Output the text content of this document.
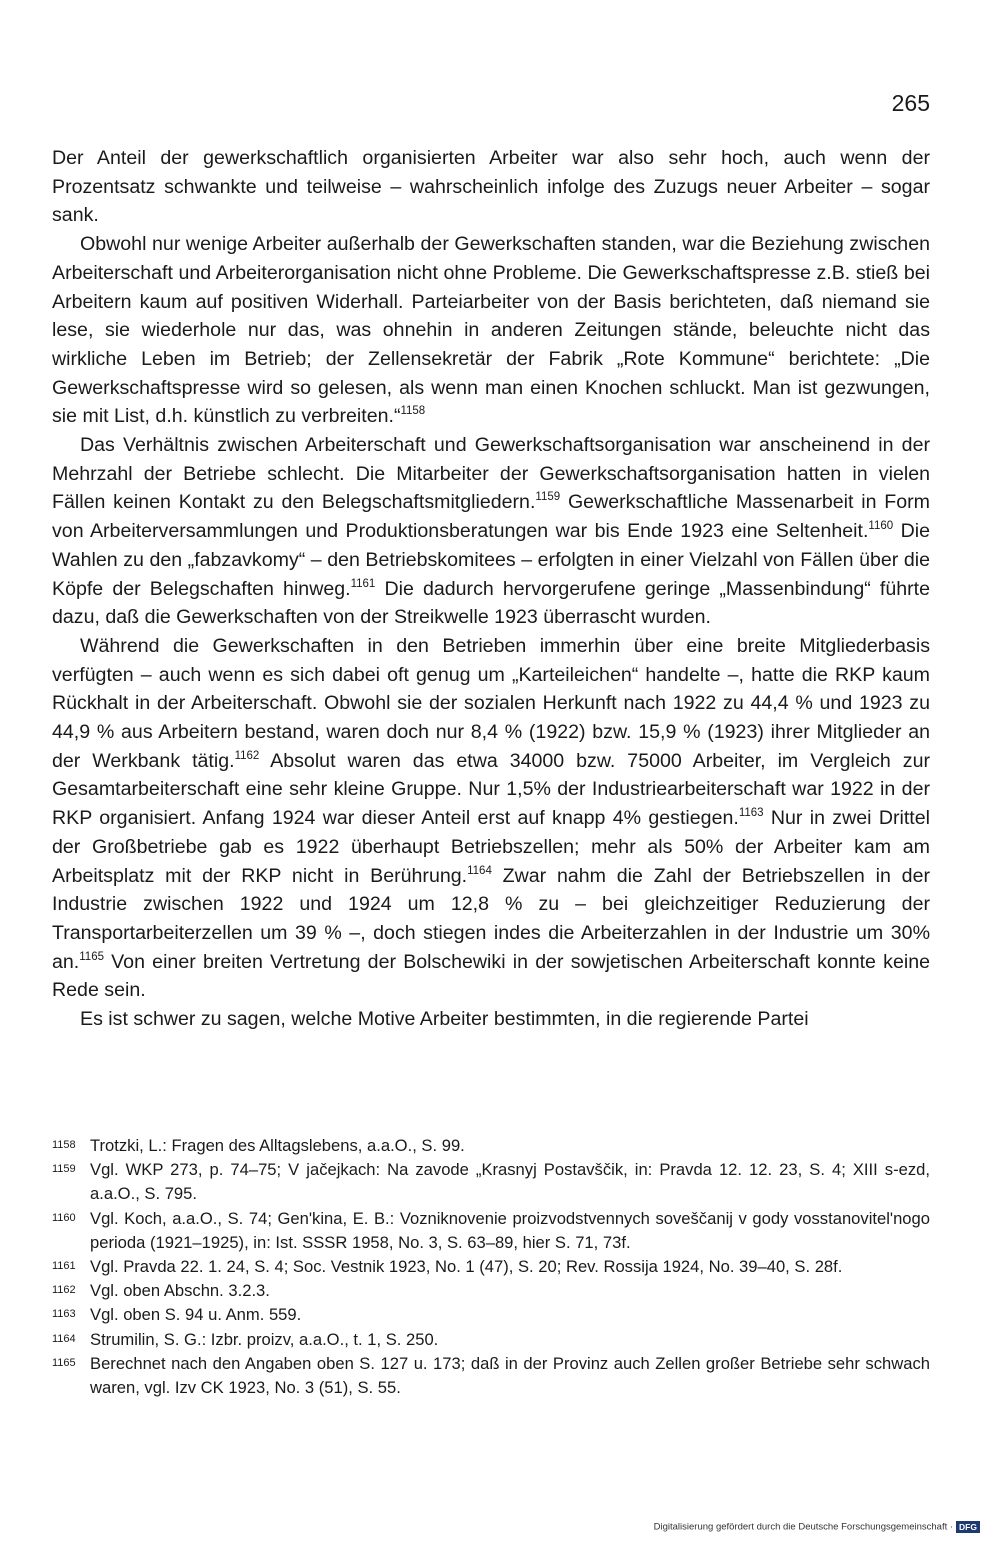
265

Der Anteil der gewerkschaftlich organisierten Arbeiter war also sehr hoch, auch wenn der Prozentsatz schwankte und teilweise – wahrscheinlich infolge des Zuzugs neuer Arbeiter – sogar sank.

Obwohl nur wenige Arbeiter außerhalb der Gewerkschaften standen, war die Beziehung zwischen Arbeiterschaft und Arbeiterorganisation nicht ohne Probleme. Die Gewerkschaftspresse z.B. stieß bei Arbeitern kaum auf positiven Widerhall. Parteiarbeiter von der Basis berichteten, daß niemand sie lese, sie wiederhole nur das, was ohnehin in anderen Zeitungen stände, beleuchte nicht das wirkliche Leben im Betrieb; der Zellensekretär der Fabrik „Rote Kommune“ berichtete: „Die Gewerkschaftspresse wird so gelesen, als wenn man einen Knochen schluckt. Man ist gezwungen, sie mit List, d.h. künstlich zu verbreiten.“$^{1158}$

Das Verhältnis zwischen Arbeiterschaft und Gewerkschaftsorganisation war anscheinend in der Mehrzahl der Betriebe schlecht. Die Mitarbeiter der Gewerkschaftsorganisation hatten in vielen Fällen keinen Kontakt zu den Belegschaftsmitgliedern.$^{1159}$ Gewerkschaftliche Massenarbeit in Form von Arbeiterversammlungen und Produktionsberatungen war bis Ende 1923 eine Seltenheit.$^{1160}$ Die Wahlen zu den „fabzavkomy“ – den Betriebskomitees – erfolgten in einer Vielzahl von Fällen über die Köpfe der Belegschaften hinweg.$^{1161}$ Die dadurch hervorgerufene geringe „Massenbindung“ führte dazu, daß die Gewerkschaften von der Streikwelle 1923 überrascht wurden.

Während die Gewerkschaften in den Betrieben immerhin über eine breite Mitgliederbasis verfügten – auch wenn es sich dabei oft genug um „Karteileichen“ handelte –, hatte die RKP kaum Rückhalt in der Arbeiterschaft. Obwohl sie der sozialen Herkunft nach 1922 zu 44,4 % und 1923 zu 44,9 % aus Arbeitern bestand, waren doch nur 8,4 % (1922) bzw. 15,9 % (1923) ihrer Mitglieder an der Werkbank tätig.$^{1162}$ Absolut waren das etwa 34000 bzw. 75000 Arbeiter, im Vergleich zur Gesamtarbeiterschaft eine sehr kleine Gruppe. Nur 1,5% der Industriearbeiterschaft war 1922 in der RKP organisiert. Anfang 1924 war dieser Anteil erst auf knapp 4% gestiegen.$^{1163}$ Nur in zwei Drittel der Großbetriebe gab es 1922 überhaupt Betriebszellen; mehr als 50% der Arbeiter kam am Arbeitsplatz mit der RKP nicht in Berührung.$^{1164}$ Zwar nahm die Zahl der Betriebszellen in der Industrie zwischen 1922 und 1924 um 12,8 % zu – bei gleichzeitiger Reduzierung der Transportarbeiterzellen um 39 % –, doch stiegen indes die Arbeiterzahlen in der Industrie um 30% an.$^{1165}$ Von einer breiten Vertretung der Bolschewiki in der sowjetischen Arbeiterschaft konnte keine Rede sein.

Es ist schwer zu sagen, welche Motive Arbeiter bestimmten, in die regierende Partei

1158 Trotzki, L.: Fragen des Alltagslebens, a.a.O., S. 99.
1159 Vgl. WKP 273, p. 74–75; V jačejkach: Na zavode „Krasnyj Postavščik, in: Pravda 12. 12. 23, S. 4; XIII s-ezd, a.a.O., S. 795.
1160 Vgl. Koch, a.a.O., S. 74; Gen'kina, E. B.: Vozniknovenie proizvodstvennych soveščanij v gody vosstanovitel'nogo perioda (1921–1925), in: Ist. SSSR 1958, No. 3, S. 63–89, hier S. 71, 73f.
1161 Vgl. Pravda 22. 1. 24, S. 4; Soc. Vestnik 1923, No. 1 (47), S. 20; Rev. Rossija 1924, No. 39–40, S. 28f.
1162 Vgl. oben Abschn. 3.2.3.
1163 Vgl. oben S. 94 u. Anm. 559.
1164 Strumilin, S. G.: Izbr. proizv, a.a.O., t. 1, S. 250.
1165 Berechnet nach den Angaben oben S. 127 u. 173; daß in der Provinz auch Zellen großer Betriebe sehr schwach waren, vgl. Izv CK 1923, No. 3 (51), S. 55.
Digitalisierung gefördert durch die Deutsche Forschungsgemeinschaft · DFG
